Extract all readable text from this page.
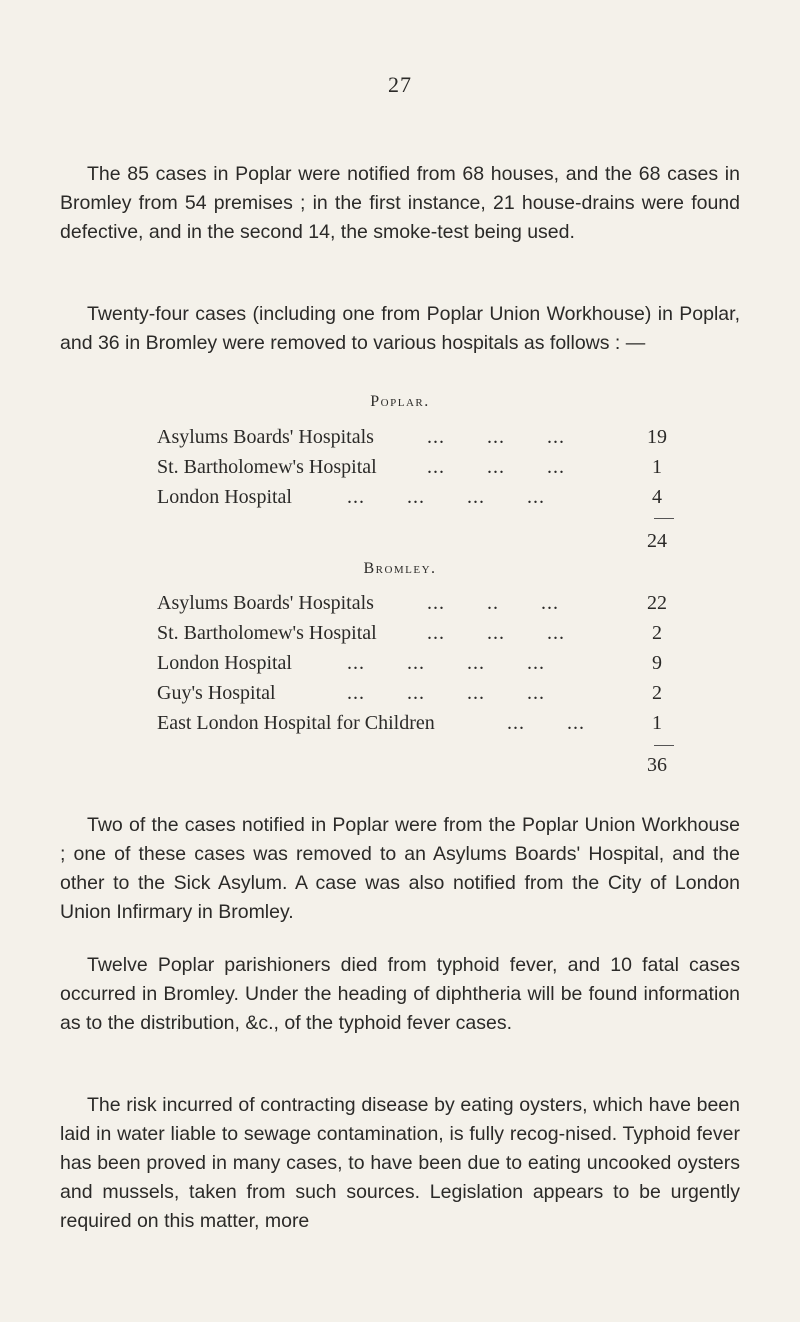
27

The 85 cases in Poplar were notified from 68 houses, and the 68 cases in Bromley from 54 premises ; in the first instance, 21 house-drains were found defective, and in the second 14, the smoke-test being used.

Twenty-four cases (including one from Poplar Union Workhouse) in Poplar, and 36 in Bromley were removed to various hospitals as follows : —

Poplar.
Asylums Boards' Hospitals	...       ...       ...	19
St. Bartholomew's Hospital	...       ...       ...	1
London Hospital	...       ...       ...       ...	4
24
Bromley.
Asylums Boards' Hospitals	...       ..       ...	22
St. Bartholomew's Hospital	...       ...       ...	2
London Hospital	...       ...       ...       ...	9
Guy's Hospital	...       ...       ...       ...	2
East London Hospital for Children	...       ...	1
36

Two of the cases notified in Poplar were from the Poplar Union Workhouse ; one of these cases was removed to an Asylums Boards' Hospital, and the other to the Sick Asylum. A case was also notified from the City of London Union Infirmary in Bromley.

Twelve Poplar parishioners died from typhoid fever, and 10 fatal cases occurred in Bromley. Under the heading of diphtheria will be found information as to the distribution, &c., of the typhoid fever cases.

The risk incurred of contracting disease by eating oysters, which have been laid in water liable to sewage contamination, is fully recog-nised. Typhoid fever has been proved in many cases, to have been due to eating uncooked oysters and mussels, taken from such sources. Legislation appears to be urgently required on this matter, more
